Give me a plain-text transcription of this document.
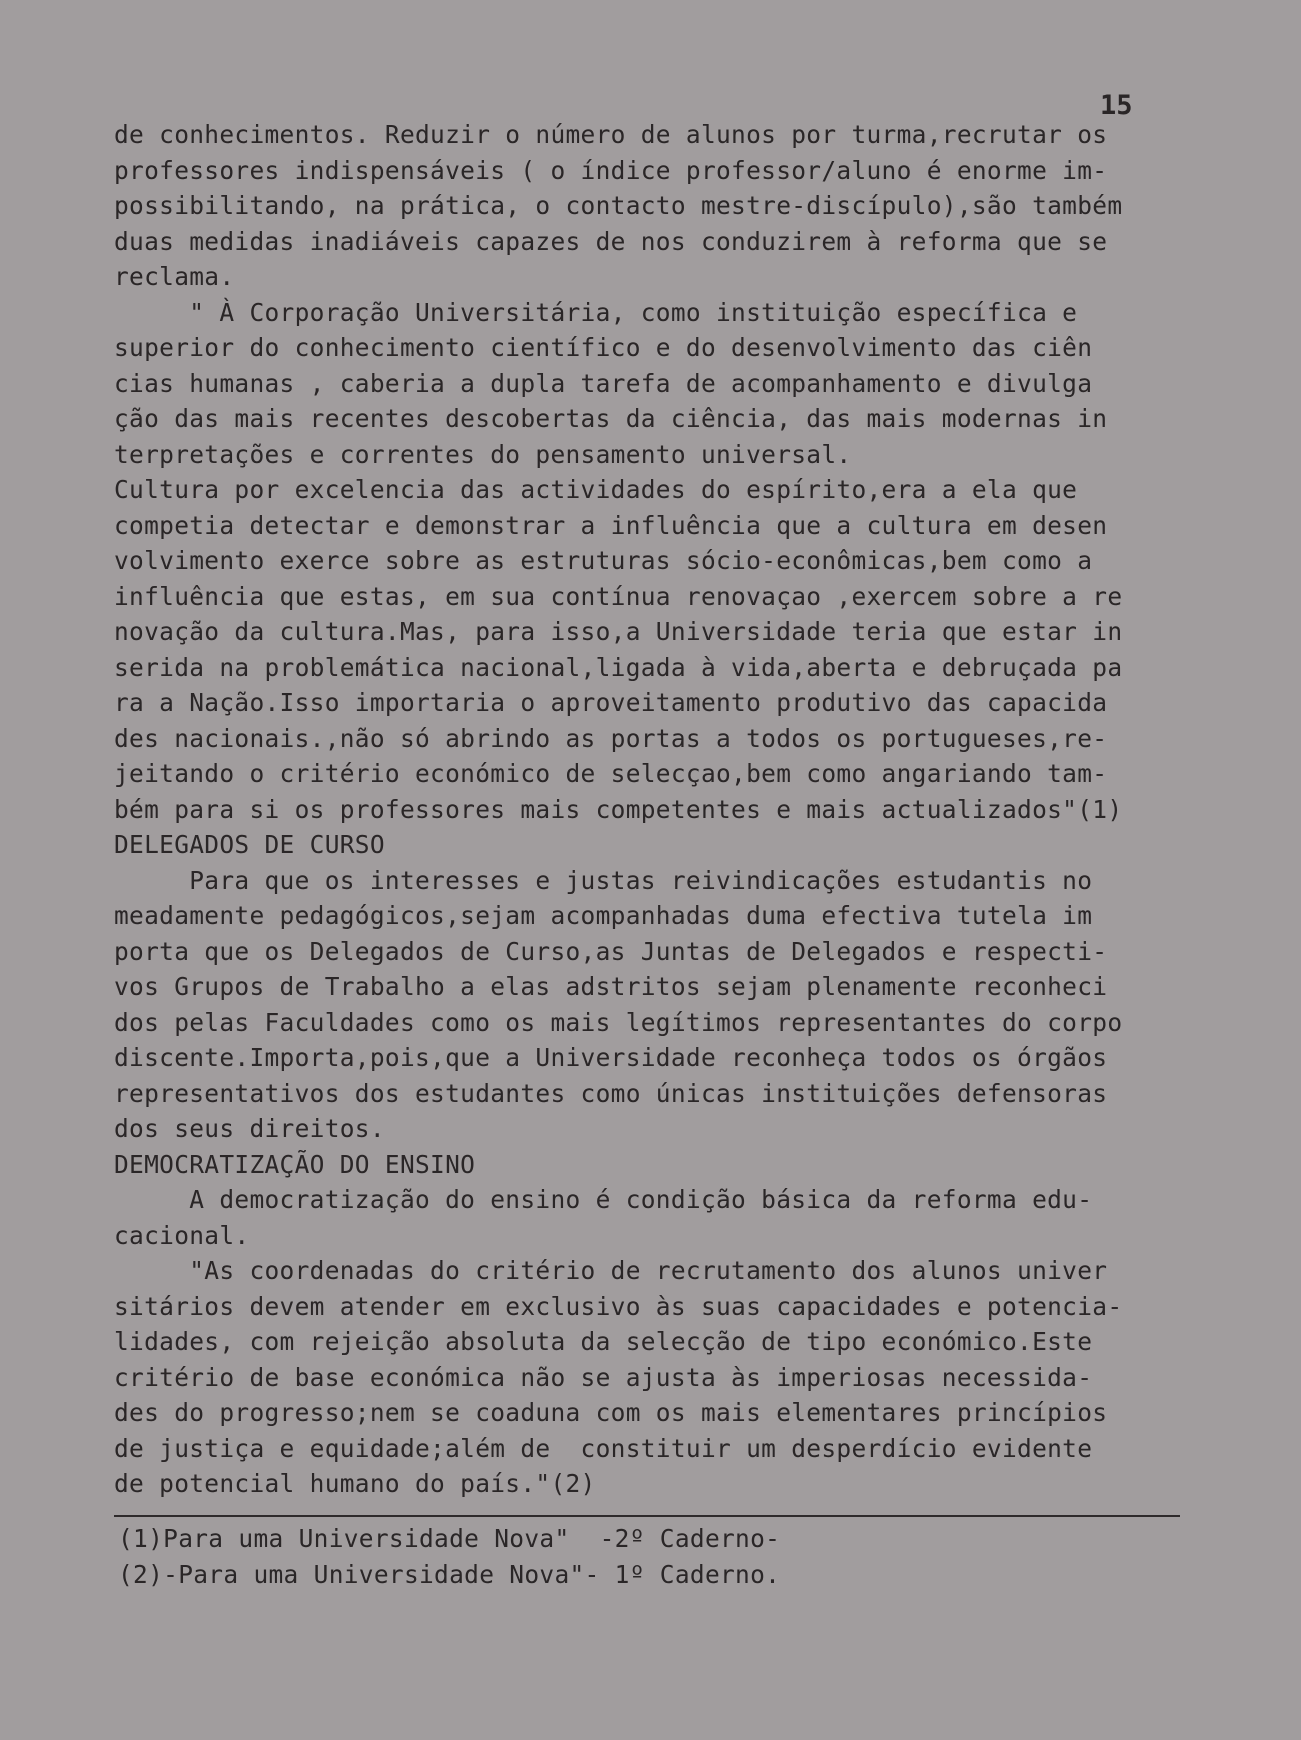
15

de conhecimentos. Reduzir o número de alunos por turma,recrutar os

professores indispensáveis ( o índice professor/aluno é enorme im-

possibilitando, na prática, o contacto mestre-discípulo),são também

duas medidas inadiáveis capazes de nos conduzirem à reforma que se

reclama.

" À Corporação Universitária, como instituição específica e

superior do conhecimento científico e do desenvolvimento das ciên

cias humanas , caberia a dupla tarefa de acompanhamento e divulga

ção das mais recentes descobertas da ciência, das mais modernas in

terpretações e correntes do pensamento universal.

Cultura por excelencia das actividades do espírito,era a ela que

competia detectar e demonstrar a influência que a cultura em desen

volvimento exerce sobre as estruturas sócio-econômicas,bem como a

influência que estas, em sua contínua renovaçao ,exercem sobre a re

novação da cultura.Mas, para isso,a Universidade teria que estar in

serida na problemática nacional,ligada à vida,aberta e debruçada pa

ra a Nação.Isso importaria o aproveitamento produtivo das capacida

des nacionais.,não só abrindo as portas a todos os portugueses,re-

jeitando o critério económico de selecçao,bem como angariando tam-

bém para si os professores mais competentes e mais actualizados"(1)

DELEGADOS DE CURSO

Para que os interesses e justas reivindicações estudantis no

meadamente pedagógicos,sejam acompanhadas duma efectiva tutela im

porta que os Delegados de Curso,as Juntas de Delegados e respecti-

vos Grupos de Trabalho a elas adstritos sejam plenamente reconheci

dos pelas Faculdades como os mais legítimos representantes do corpo

discente.Importa,pois,que a Universidade reconheça todos os órgãos

representativos dos estudantes como únicas instituições defensoras

dos seus direitos.

DEMOCRATIZAÇÃO DO ENSINO

A democratização do ensino é condição básica da reforma edu-

cacional.

"As coordenadas do critério de recrutamento dos alunos univer

sitários devem atender em exclusivo às suas capacidades e potencia-

lidades, com rejeição absoluta da selecção de tipo económico.Este

critério de base económica não se ajusta às imperiosas necessida-

des do progresso;nem se coaduna com os mais elementares princípios

de justiça e equidade;além de  constituir um desperdício evidente

de potencial humano do país."(2)

(1)Para uma Universidade Nova"  -2º Caderno-

(2)-Para uma Universidade Nova"- 1º Caderno.
